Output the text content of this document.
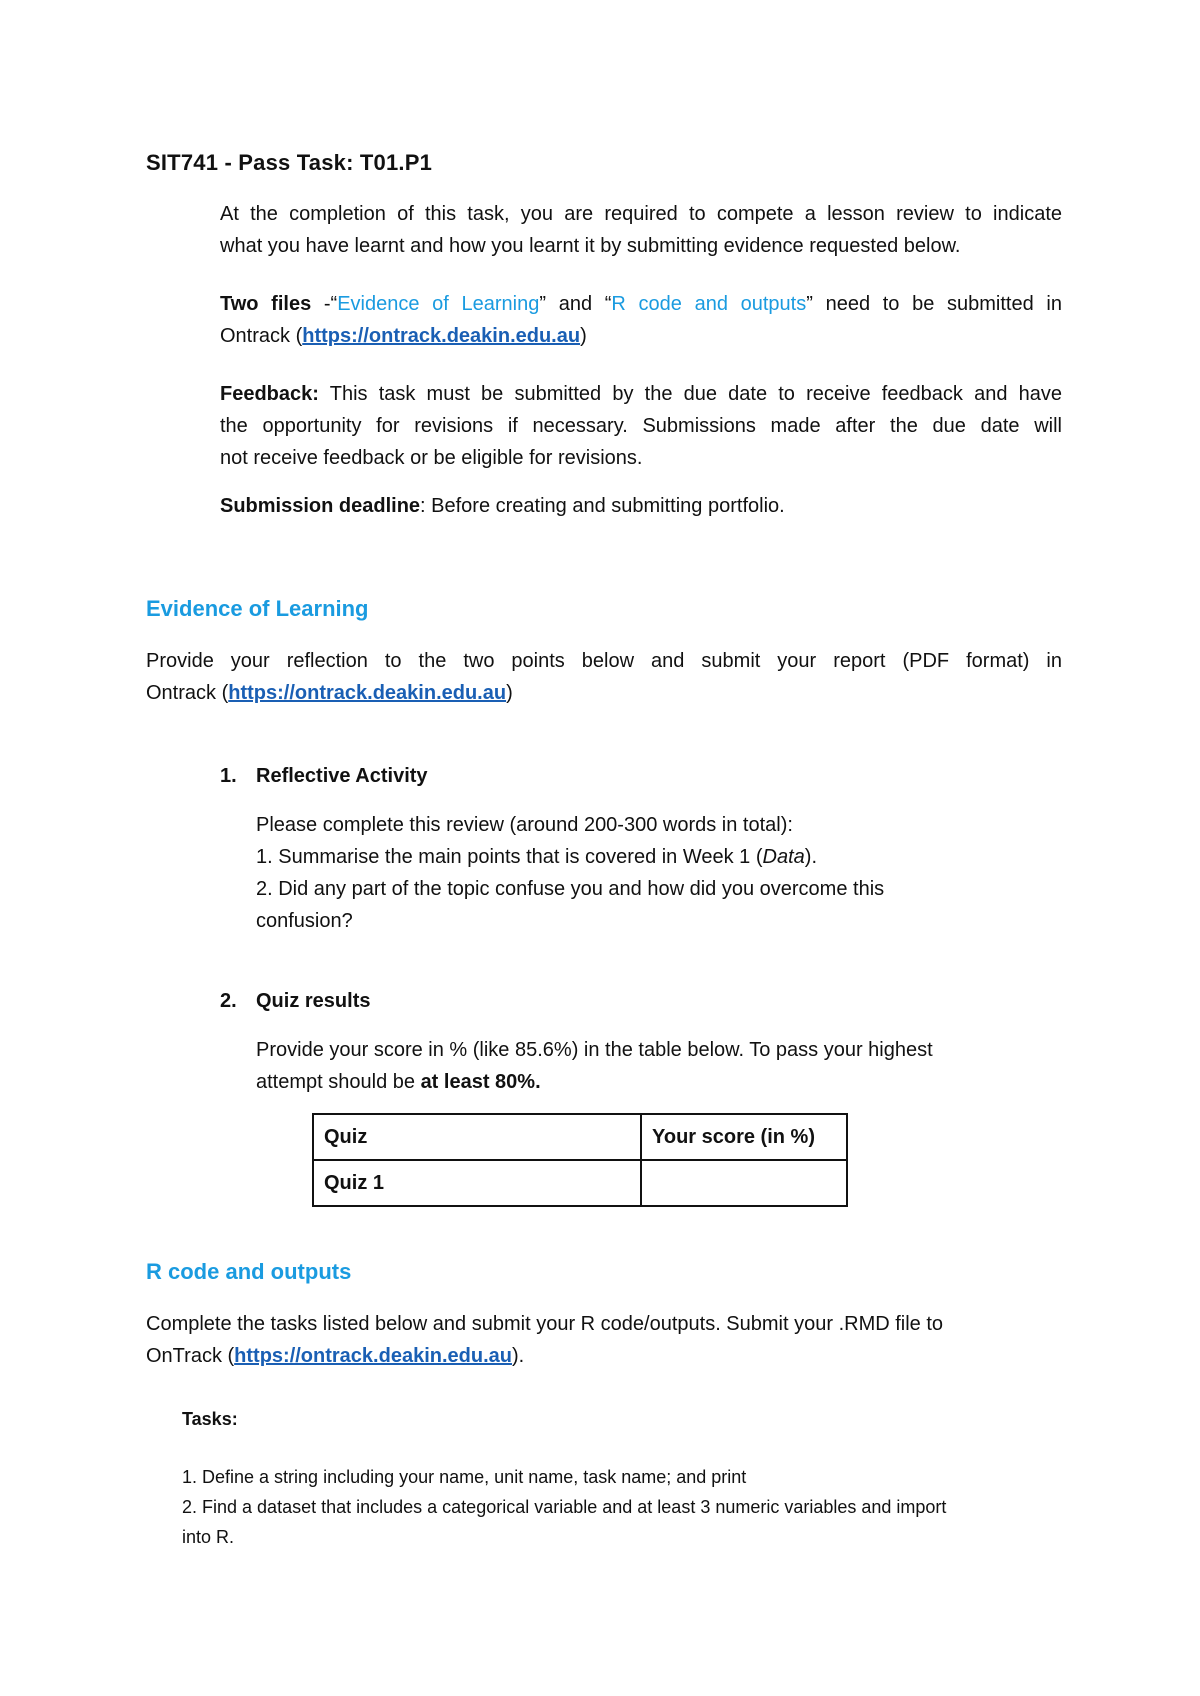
SIT741 - Pass Task: T01.P1
At the completion of this task, you are required to compete a lesson review to indicate
what you have learnt and how you learnt it by submitting evidence requested below.
Two files -“Evidence of Learning” and “R code and outputs” need to be submitted in
Ontrack (https://ontrack.deakin.edu.au)
Feedback: This task must be submitted by the due date to receive feedback and have
the opportunity for revisions if necessary. Submissions made after the due date will
not receive feedback or be eligible for revisions.
Submission deadline: Before creating and submitting portfolio.
Evidence of Learning
Provide your reflection to the two points below and submit your report (PDF format) in
Ontrack (https://ontrack.deakin.edu.au)
1. Reflective Activity
Please complete this review (around 200-300 words in total):
1. Summarise the main points that is covered in Week 1 (Data).
2. Did any part of the topic confuse you and how did you overcome this
confusion?
2. Quiz results
Provide your score in % (like 85.6%) in the table below. To pass your highest
attempt should be at least 80%.
Quiz	Your score (in %)
Quiz 1	
R code and outputs
Complete the tasks listed below and submit your R code/outputs. Submit your .RMD file to
OnTrack (https://ontrack.deakin.edu.au).
Tasks:
1. Define a string including your name, unit name, task name; and print
2. Find a dataset that includes a categorical variable and at least 3 numeric variables and import
into R.
